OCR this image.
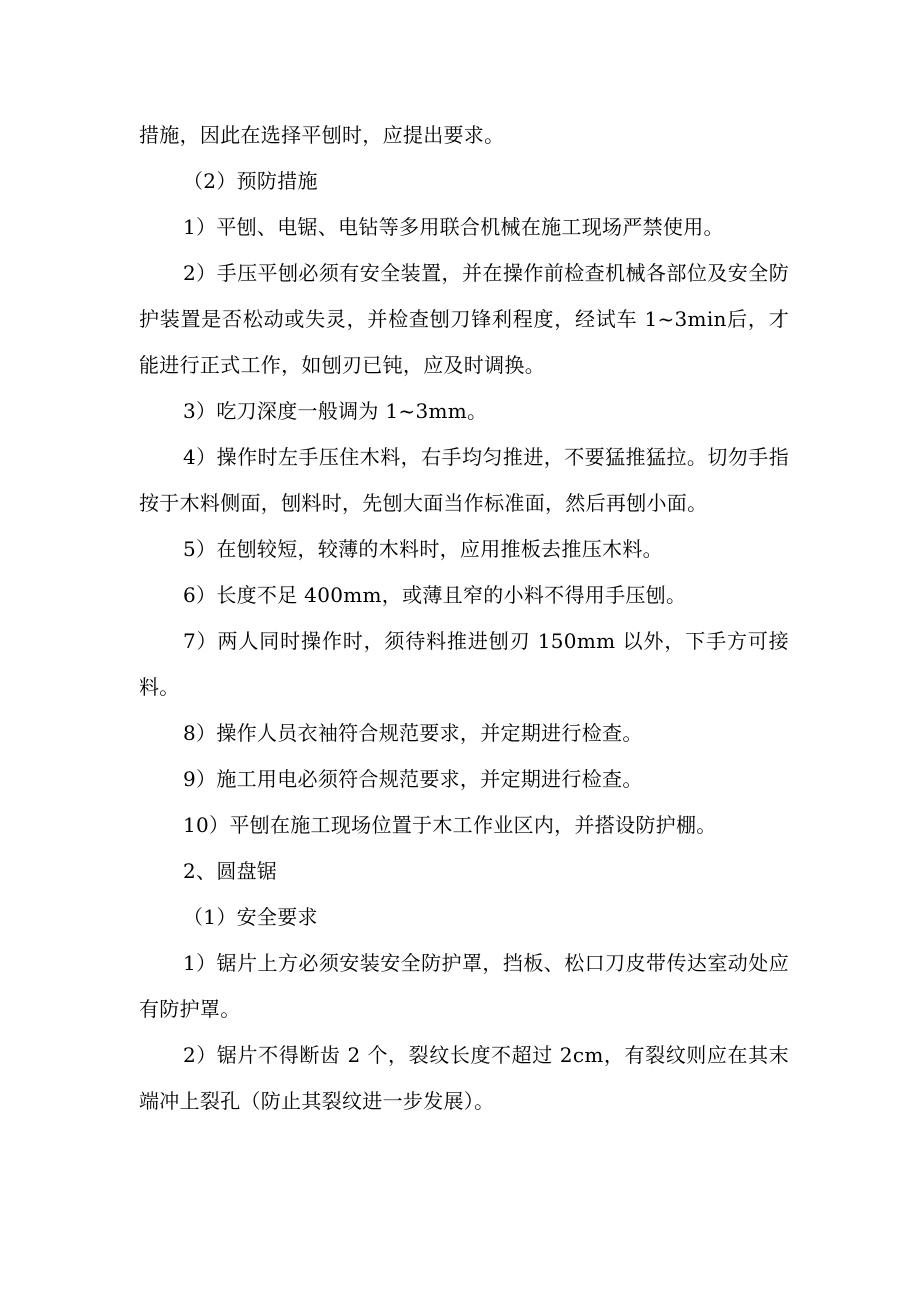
措施，因此在选择平刨时，应提出要求。

（2）预防措施

1）平刨、电锯、电钻等多用联合机械在施工现场严禁使用。

2）手压平刨必须有安全装置，并在操作前检查机械各部位及安全防护装置是否松动或失灵，并检查刨刀锋利程度，经试车 1~3min后，才能进行正式工作，如刨刃已钝，应及时调换。

3）吃刀深度一般调为 1~3mm。

4）操作时左手压住木料，右手均匀推进，不要猛推猛拉。切勿手指按于木料侧面，刨料时，先刨大面当作标准面，然后再刨小面。

5）在刨较短，较薄的木料时，应用推板去推压木料。

6）长度不足 400mm，或薄且窄的小料不得用手压刨。

7）两人同时操作时，须待料推进刨刃 150mm 以外，下手方可接料。

8）操作人员衣袖符合规范要求，并定期进行检查。

9）施工用电必须符合规范要求，并定期进行检查。

10）平刨在施工现场位置于木工作业区内，并搭设防护棚。

2、圆盘锯

（1）安全要求

1）锯片上方必须安装安全防护罩，挡板、松口刀皮带传达室动处应有防护罩。

2）锯片不得断齿 2 个，裂纹长度不超过 2cm，有裂纹则应在其末端冲上裂孔（防止其裂纹进一步发展）。
